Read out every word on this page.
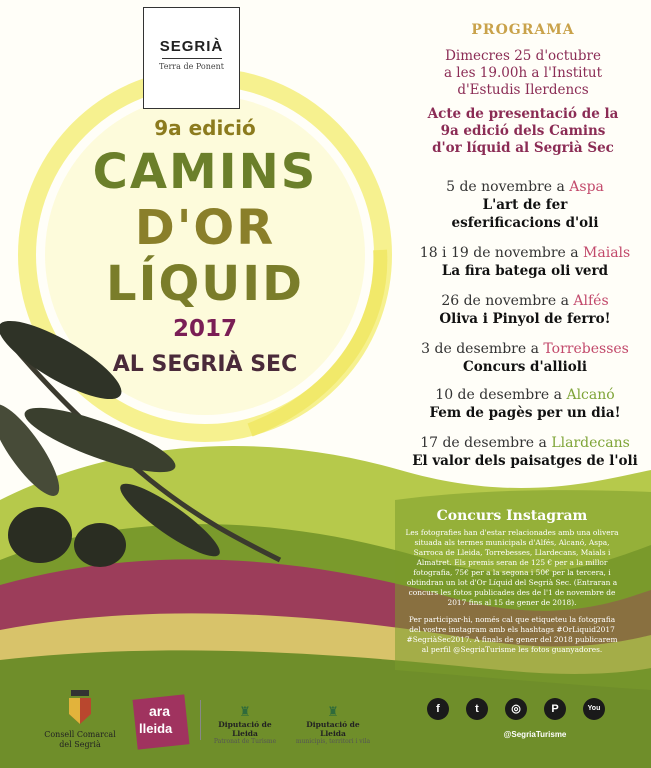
SEGRIÀ
Terra de Ponent
9a edició
CAMINS
D'OR
LÍQUID
2017
AL SEGRIÀ SEC
PROGRAMA
Dimecres 25 d'octubre
a les 19.00h a l'Institut
d'Estudis Ilerdencs
Acte de presentació de la
9a edició dels Camins
d'or líquid al Segrià Sec
5 de novembre a Aspa
L'art de fer esferificacions d'oli
18 i 19 de novembre a Maials
La fira batega oli verd
26 de novembre a Alfés
Oliva i Pinyol de ferro!
3 de desembre a Torrebesses
Concurs d'allioli
10 de desembre a Alcanó
Fem de pagès per un dia!
17 de desembre a Llardecans
El valor dels paisatges de l'oli
Concurs Instagram
Les fotografies han d'estar relacionades amb una olivera situada als termes municipals d'Alfés, Alcanó, Aspa, Sarroca de Lleida, Torrebesses, Llardecans, Maials i Almatret. Els premis seran de 125 € per a la millor fotografia, 75€ per a la segona i 50€ per la tercera, i obtindran un lot d'Or Líquid del Segrià Sec. (Entraran a concurs les fotos publicades des de l'1 de novembre de 2017 fins al 15 de gener de 2018).
Per participar-hi, només cal que etiqueteu la fotografia del vostre instagram amb els hashtags #OrLiquid2017 #SegriàSec2017. A finals de gener del 2018 publicarem al perfil @SegriaTurisme les fotos guanyadores.
f	t	◎	P	You
@SegriaTurisme
Consell Comarcal del Segrià
ara
lleida
♜
Diputació de Lleida
Patronat de Turisme
♜
Diputació de Lleida
municipis, territori i vila
